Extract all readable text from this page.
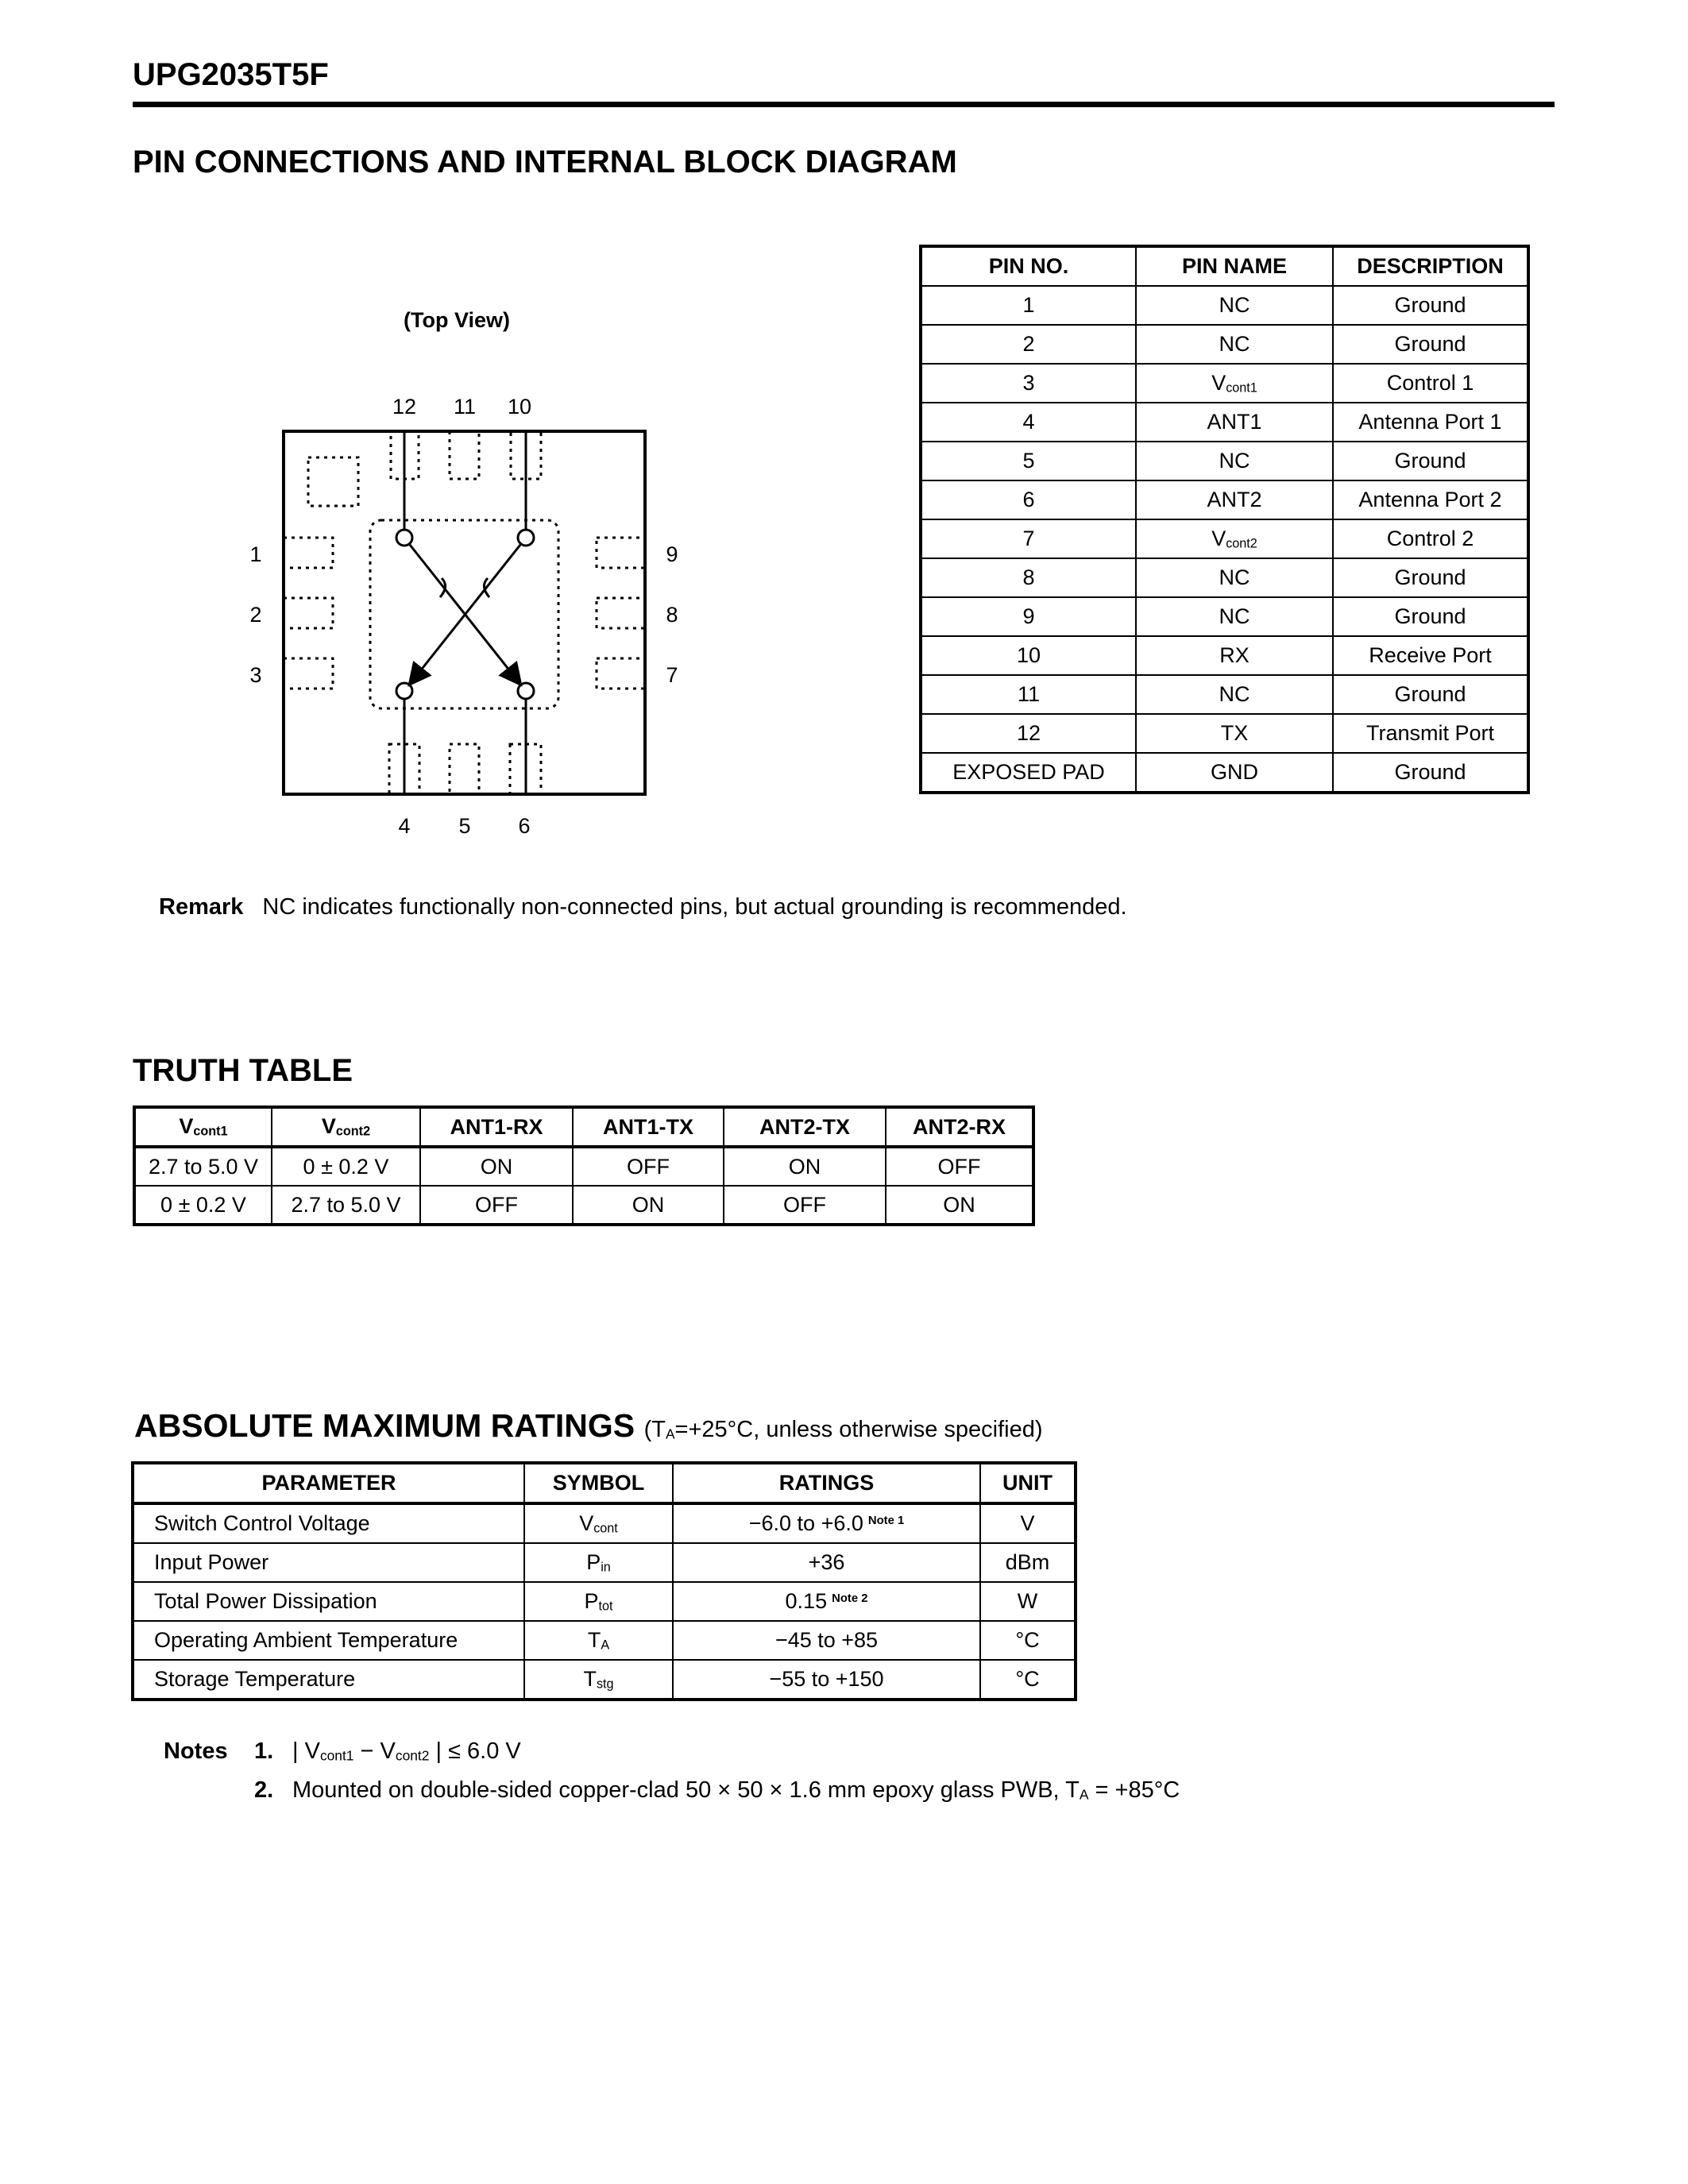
UPG2035T5F
PIN CONNECTIONS AND INTERNAL BLOCK DIAGRAM
(Top View)
12 11 10
1
2
3
9
8
7
4 5 6
PIN NO.	PIN NAME	DESCRIPTION
1	NC	Ground
2	NC	Ground
3	Vcont1	Control 1
4	ANT1	Antenna Port 1
5	NC	Ground
6	ANT2	Antenna Port 2
7	Vcont2	Control 2
8	NC	Ground
9	NC	Ground
10	RX	Receive Port
11	NC	Ground
12	TX	Transmit Port
EXPOSED PAD	GND	Ground
Remark NC indicates functionally non-connected pins, but actual grounding is recommended.
TRUTH TABLE
Vcont1	Vcont2	ANT1-RX	ANT1-TX	ANT2-TX	ANT2-RX
2.7 to 5.0 V	0 ± 0.2 V	ON	OFF	ON	OFF
0 ± 0.2 V	2.7 to 5.0 V	OFF	ON	OFF	ON
ABSOLUTE MAXIMUM RATINGS (TA=+25°C, unless otherwise specified)
PARAMETER	SYMBOL	RATINGS	UNIT
Switch Control Voltage	Vcont	−6.0 to +6.0 $^{Note 1}$	V
Input Power	Pin	+36	dBm
Total Power Dissipation	Ptot	0.15 $^{Note 2}$	W
Operating Ambient Temperature	TA	−45 to +85	°C
Storage Temperature	Tstg	−55 to +150	°C
Notes 1. | Vcont1 − Vcont2 | ≤ 6.0 V
2. Mounted on double-sided copper-clad 50 × 50 × 1.6 mm epoxy glass PWB, TA = +85°C
